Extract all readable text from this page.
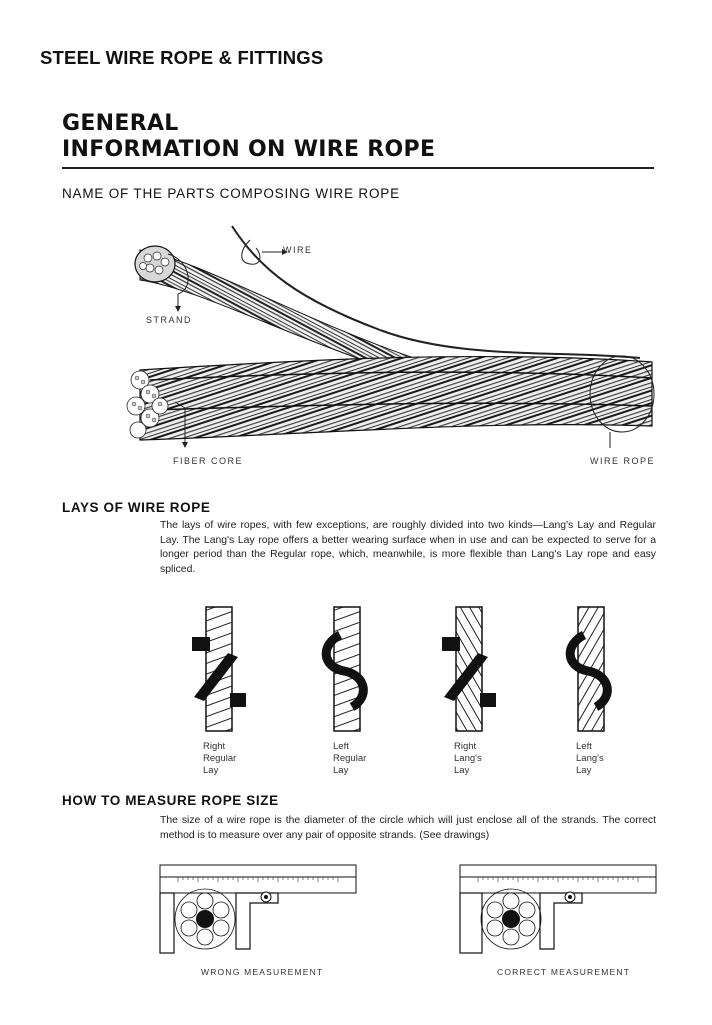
STEEL WIRE ROPE & FITTINGS
GENERAL
INFORMATION ON WIRE ROPE
NAME OF THE PARTS COMPOSING WIRE ROPE
WIRE
STRAND
FIBER CORE	WIRE ROPE
LAYS OF WIRE ROPE
The lays of wire ropes, with few exceptions, are roughly divided into two kinds—Lang's Lay and Regular Lay. The Lang's Lay rope offers a better wearing surface when in use and can be expected to serve for a longer period than the Regular rope, which, meanwhile, is more flexible than Lang's Lay rope and easy spliced.
Right
Regular
Lay
Left
Regular
Lay
Right
Lang's
Lay
Left
Lang's
Lay
HOW TO MEASURE ROPE SIZE
The size of a wire rope is the diameter of the circle which will just enclose all of the strands. The correct method is to measure over any pair of opposite strands. (See drawings)
WRONG MEASUREMENT	CORRECT MEASUREMENT
